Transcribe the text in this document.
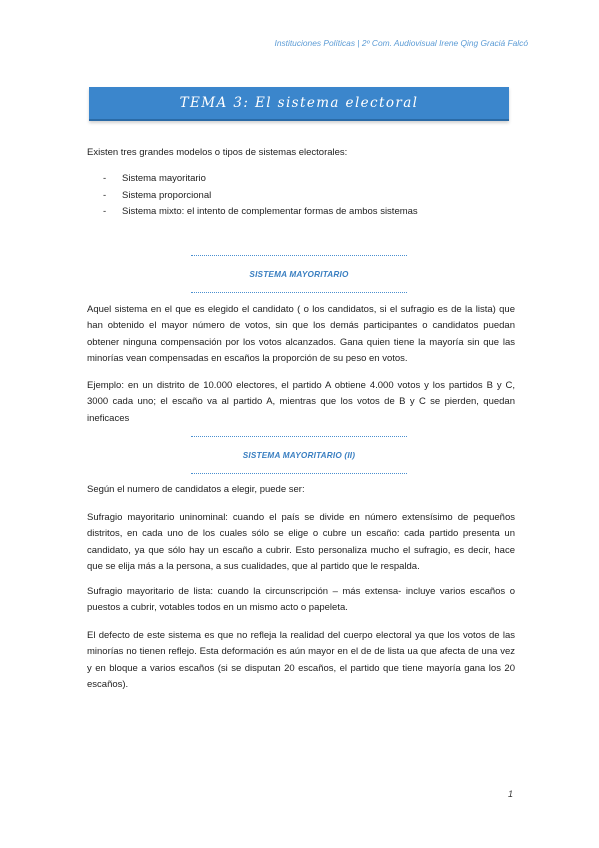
Instituciones Políticas | 2º Com. Audiovisual Irene Qing Graciá Falcó
TEMA 3: El sistema electoral
Existen tres grandes modelos o tipos de sistemas electorales:
- Sistema mayoritario
- Sistema proporcional
- Sistema mixto: el intento de complementar formas de ambos sistemas
SISTEMA MAYORITARIO
Aquel sistema en el que es elegido el candidato ( o los candidatos, si el sufragio es de la lista) que han obtenido el mayor número de votos, sin que los demás participantes o candidatos puedan obtener ninguna compensación por los votos alcanzados. Gana quien tiene la mayoría sin que las minorías vean compensadas en escaños la proporción de su peso en votos.
Ejemplo: en un distrito de 10.000 electores, el partido A obtiene 4.000 votos y los partidos B y C, 3000 cada uno; el escaño va al partido A, mientras que los votos de B y C se pierden, quedan ineficaces
SISTEMA MAYORITARIO (II)
Según el numero de candidatos a elegir, puede ser:
Sufragio mayoritario uninominal: cuando el país se divide en número extensísimo de pequeños distritos, en cada uno de los cuales sólo se elige o cubre un escaño: cada partido presenta un candidato, ya que sólo hay un escaño a cubrir. Esto personaliza mucho el sufragio, es decir, hace que se elija más a la persona, a sus cualidades, que al partido que le respalda.
Sufragio mayoritario de lista: cuando la circunscripción – más extensa- incluye varios escaños o puestos a cubrir, votables todos en un mismo acto o papeleta.
El defecto de este sistema es que no refleja la realidad del cuerpo electoral ya que los votos de las minorías no tienen reflejo. Esta deformación es aún mayor en el de de lista ua que afecta de una vez y en bloque a varios escaños (si se disputan 20 escaños, el partido que tiene mayoría gana los 20 escaños).
1
